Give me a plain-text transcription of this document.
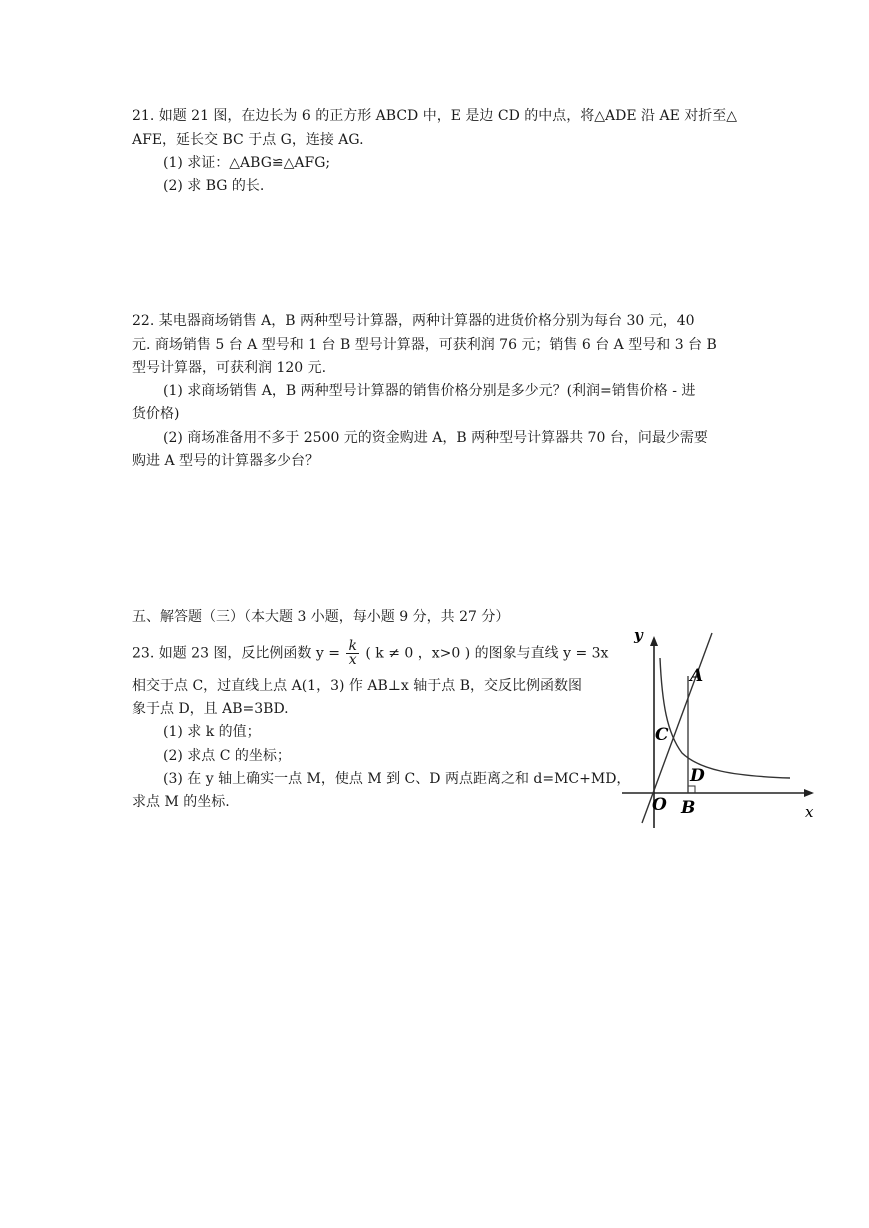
21. 如题 21 图，在边长为 6 的正方形 ABCD 中，E 是边 CD 的中点，将△ADE 沿 AE 对折至△
AFE，延长交 BC 于点 G，连接 AG.
(1) 求证：△ABG≌△AFG;
(2) 求 BG 的长.
22. 某电器商场销售 A，B 两种型号计算器，两种计算器的进货价格分别为每台 30 元，40
元. 商场销售 5 台 A 型号和 1 台 B 型号计算器，可获利润 76 元；销售 6 台 A 型号和 3 台 B
型号计算器，可获利润 120 元.
(1) 求商场销售 A，B 两种型号计算器的销售价格分别是多少元？(利润=销售价格 - 进
货价格)
(2) 商场准备用不多于 2500 元的资金购进 A，B 两种型号计算器共 70 台，问最少需要
购进 A 型号的计算器多少台？
五、解答题（三）（本大题 3 小题，每小题 9 分，共 27 分）
23. 如题 23 图，反比例函数 $y = \frac{k}{x}$ ( k ≠ 0 ，x>0 ) 的图象与直线 y = 3x
相交于点 C，过直线上点 A(1，3) 作 AB⊥x 轴于点 B，交反比例函数图
象于点 D，且 AB=3BD.
(1) 求 k 的值；
(2) 求点 C 的坐标；
(3) 在 y 轴上确实一点 M，使点 M 到 C、D 两点距离之和 d=MC+MD，
求点 M 的坐标.
y
x
O
A
B
C
D
